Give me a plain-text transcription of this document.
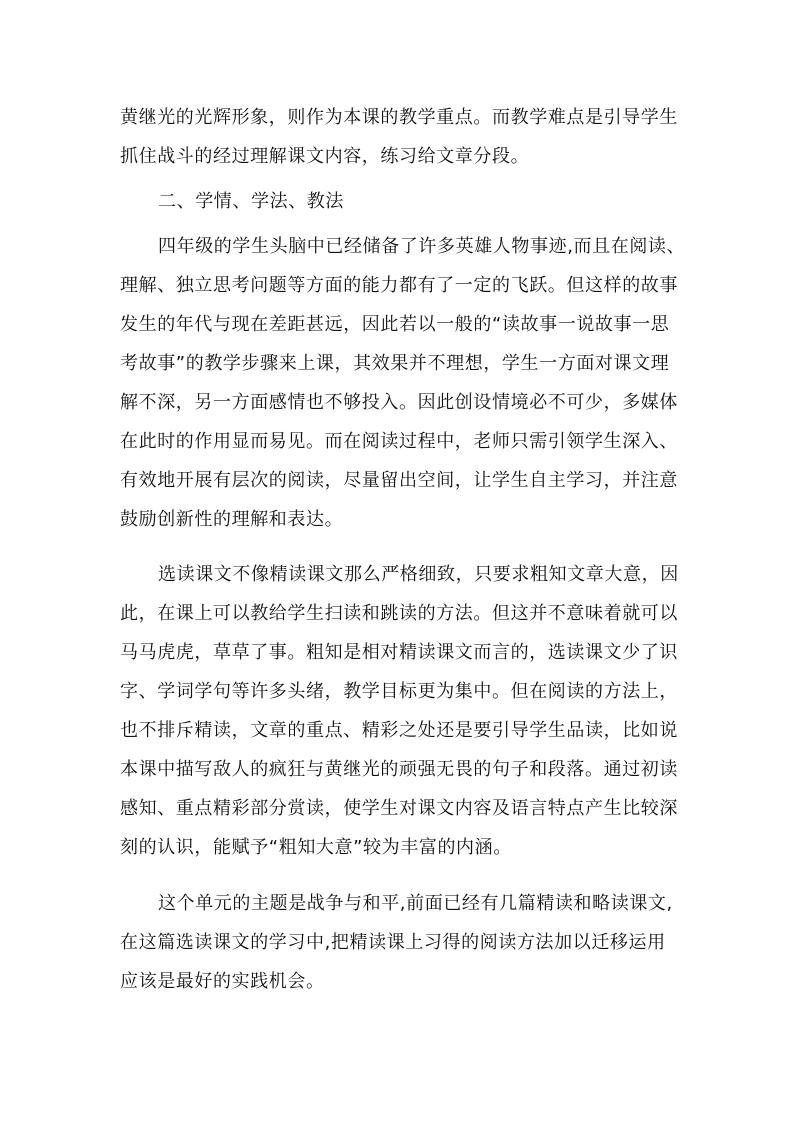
黄继光的光辉形象，则作为本课的教学重点。而教学难点是引导学生

抓住战斗的经过理解课文内容，练习给文章分段。

二、学情、学法、教法

四年级的学生头脑中已经储备了许多英雄人物事迹,而且在阅读、

理解、独立思考问题等方面的能力都有了一定的飞跃。但这样的故事

发生的年代与现在差距甚远，因此若以一般的“读故事一说故事一思

考故事”的教学步骤来上课，其效果并不理想，学生一方面对课文理

解不深，另一方面感情也不够投入。因此创设情境必不可少，多媒体

在此时的作用显而易见。而在阅读过程中，老师只需引领学生深入、

有效地开展有层次的阅读，尽量留出空间，让学生自主学习，并注意

鼓励创新性的理解和表达。

选读课文不像精读课文那么严格细致，只要求粗知文章大意，因

此，在课上可以教给学生扫读和跳读的方法。但这并不意味着就可以

马马虎虎，草草了事。粗知是相对精读课文而言的，选读课文少了识

字、学词学句等许多头绪，教学目标更为集中。但在阅读的方法上，

也不排斥精读，文章的重点、精彩之处还是要引导学生品读，比如说

本课中描写敌人的疯狂与黄继光的顽强无畏的句子和段落。通过初读

感知、重点精彩部分赏读，使学生对课文内容及语言特点产生比较深

刻的认识，能赋予“粗知大意”较为丰富的内涵。

这个单元的主题是战争与和平,前面已经有几篇精读和略读课文,

在这篇选读课文的学习中,把精读课上习得的阅读方法加以迁移运用

应该是最好的实践机会。
